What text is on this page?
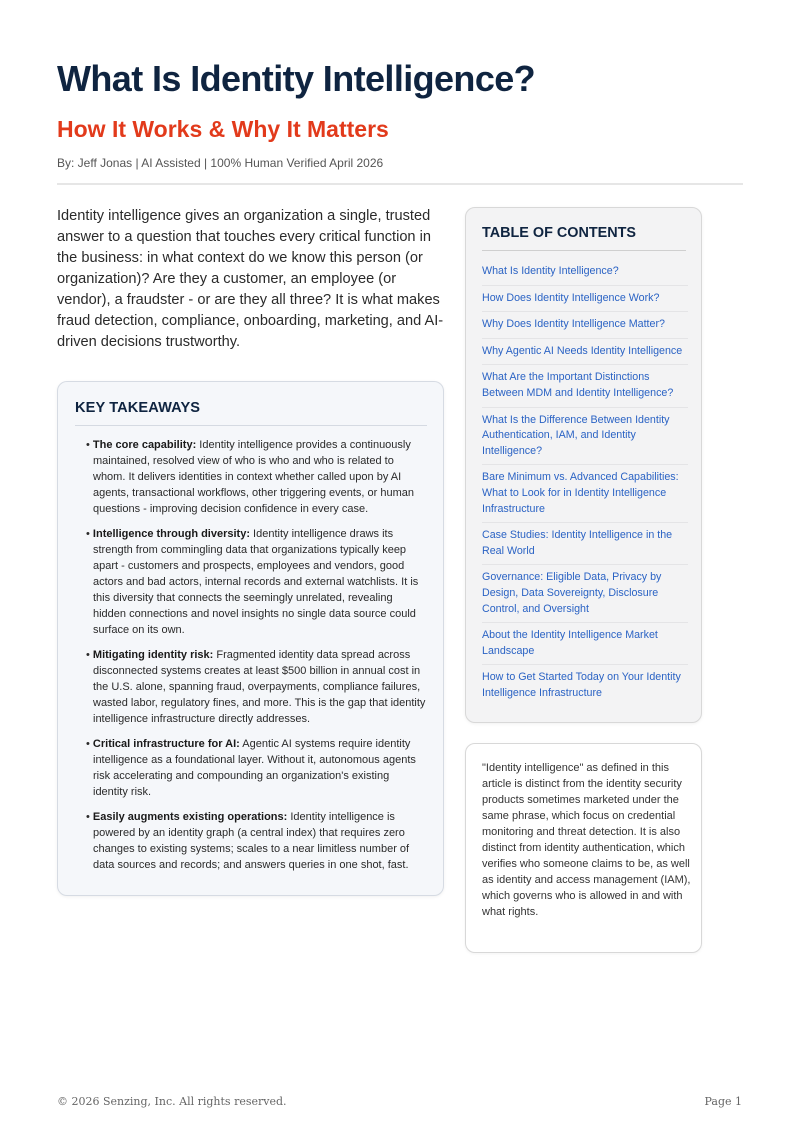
What Is Identity Intelligence?
How It Works & Why It Matters
By: Jeff Jonas | AI Assisted | 100% Human Verified April 2026

Identity intelligence gives an organization a single, trusted answer to a question that touches every critical function in the business: in what context do we know this person (or organization)? Are they a customer, an employee (or vendor), a fraudster - or are they all three? It is what makes fraud detection, compliance, onboarding, marketing, and AI-driven decisions trustworthy.

KEY TAKEAWAYS
• The core capability: Identity intelligence provides a continuously maintained, resolved view of who is who and who is related to whom. It delivers identities in context whether called upon by AI agents, transactional workflows, other triggering events, or human questions - improving decision confidence in every case.
• Intelligence through diversity: Identity intelligence draws its strength from commingling data that organizations typically keep apart - customers and prospects, employees and vendors, good actors and bad actors, internal records and external watchlists. It is this diversity that connects the seemingly unrelated, revealing hidden connections and novel insights no single data source could surface on its own.
• Mitigating identity risk: Fragmented identity data spread across disconnected systems creates at least $500 billion in annual cost in the U.S. alone, spanning fraud, overpayments, compliance failures, wasted labor, regulatory fines, and more. This is the gap that identity intelligence infrastructure directly addresses.
• Critical infrastructure for AI: Agentic AI systems require identity intelligence as a foundational layer. Without it, autonomous agents risk accelerating and compounding an organization's existing identity risk.
• Easily augments existing operations: Identity intelligence is powered by an identity graph (a central index) that requires zero changes to existing systems; scales to a near limitless number of data sources and records; and answers queries in one shot, fast.
TABLE OF CONTENTS
What Is Identity Intelligence?
How Does Identity Intelligence Work?
Why Does Identity Intelligence Matter?
Why Agentic AI Needs Identity Intelligence
What Are the Important Distinctions Between MDM and Identity Intelligence?
What Is the Difference Between Identity Authentication, IAM, and Identity Intelligence?
Bare Minimum vs. Advanced Capabilities: What to Look for in Identity Intelligence Infrastructure
Case Studies: Identity Intelligence in the Real World
Governance: Eligible Data, Privacy by Design, Data Sovereignty, Disclosure Control, and Oversight
About the Identity Intelligence Market Landscape
How to Get Started Today on Your Identity Intelligence Infrastructure

"Identity intelligence" as defined in this article is distinct from the identity security products sometimes marketed under the same phrase, which focus on credential monitoring and threat detection. It is also distinct from identity authentication, which verifies who someone claims to be, as well as identity and access management (IAM), which governs who is allowed in and with what rights.

© 2026 Senzing, Inc. All rights reserved.	Page 1
